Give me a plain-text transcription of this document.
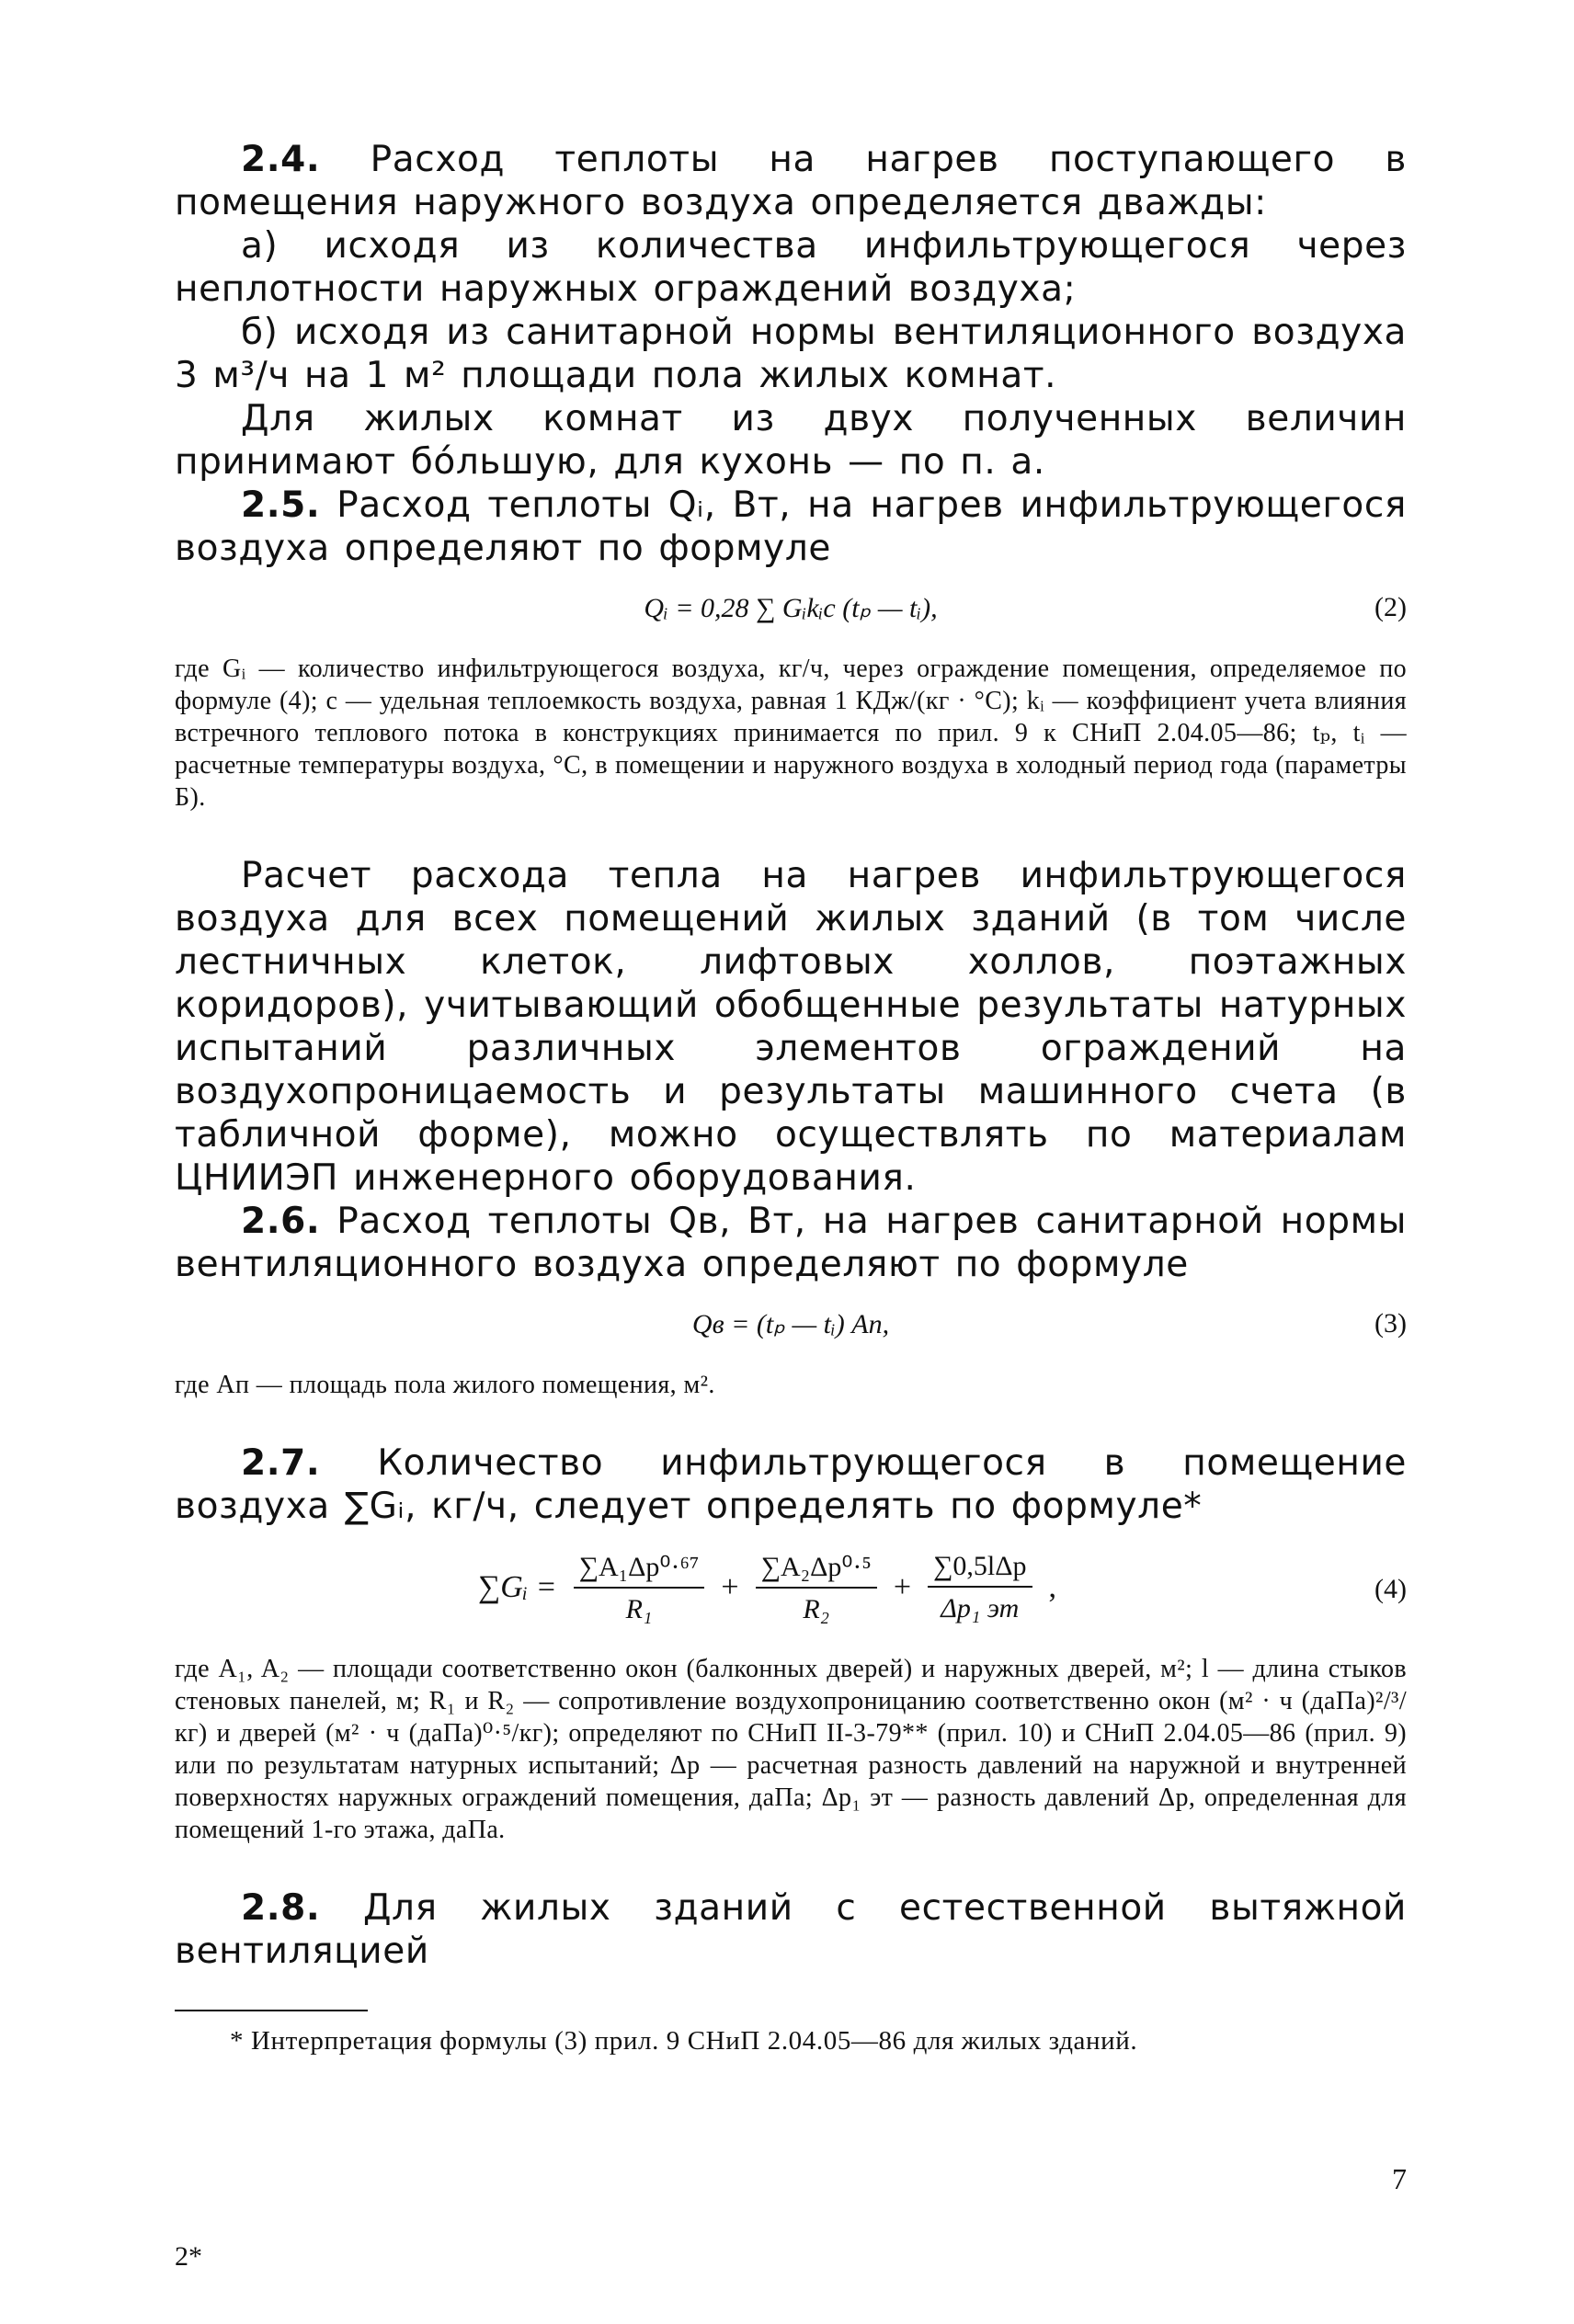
2.4. Расход теплоты на нагрев поступающего в помещения наружного воздуха определяется дважды:

а) исходя из количества инфильтрующегося через неплотности наружных ограждений воздуха;

б) исходя из санитарной нормы вентиляционного воздуха 3 м³/ч на 1 м² площади пола жилых комнат.

Для жилых комнат из двух полученных величин принимают бóльшую, для кухонь — по п. а.

2.5. Расход теплоты Qᵢ, Вт, на нагрев инфильтрующегося воздуха определяют по формуле

Qᵢ = 0,28 ∑ Gᵢkᵢc (tₚ — tᵢ),	(2)

где Gᵢ — количество инфильтрующегося воздуха, кг/ч, через ограждение помещения, определяемое по формуле (4); c — удельная теплоемкость воздуха, равная 1 КДж/(кг · °С); kᵢ — коэффициент учета влияния встречного теплового потока в конструкциях принимается по прил. 9 к СНиП 2.04.05—86; tₚ, tᵢ — расчетные температуры воздуха, °С, в помещении и наружного воздуха в холодный период года (параметры Б).

Расчет расхода тепла на нагрев инфильтрующегося воздуха для всех помещений жилых зданий (в том числе лестничных клеток, лифтовых холлов, поэтажных коридоров), учитывающий обобщенные результаты натурных испытаний различных элементов ограждений на воздухопроницаемость и результаты машинного счета (в табличной форме), можно осуществлять по материалам ЦНИИЭП инженерного оборудования.

2.6. Расход теплоты Qв, Вт, на нагрев санитарной нормы вентиляционного воздуха определяют по формуле

Qв = (tₚ — tᵢ) Aп,	(3)

где Aп — площадь пола жилого помещения, м².

2.7. Количество инфильтрующегося в помещение воздуха ∑Gᵢ, кг/ч, следует определять по формуле*

∑Gᵢ = $\frac{\text{∑A₁Δp⁰·⁶⁷}}{\text{R₁}} + \frac{\text{∑A₂Δp⁰·⁵}}{\text{R₂}} + \frac{\text{∑0,5lΔp}}{\text{Δp₁ эт}}$ ,	(4)

где A₁, A₂ — площади соответственно окон (балконных дверей) и наружных дверей, м²; l — длина стыков стеновых панелей, м; R₁ и R₂ — сопротивление воздухопроницанию соответственно окон (м² · ч (даПа)²/³/кг) и дверей (м² · ч (даПа)⁰·⁵/кг); определяют по СНиП II-3-79** (прил. 10) и СНиП 2.04.05—86 (прил. 9) или по результатам натурных испытаний; Δp — расчетная разность давлений на наружной и внутренней поверхностях наружных ограждений помещения, даПа; Δp₁ эт — разность давлений Δp, определенная для помещений 1-го этажа, даПа.

2.8. Для жилых зданий с естественной вытяжной вентиляцией

* Интерпретация формулы (3) прил. 9 СНиП 2.04.05—86 для жилых зданий.

7
2*
